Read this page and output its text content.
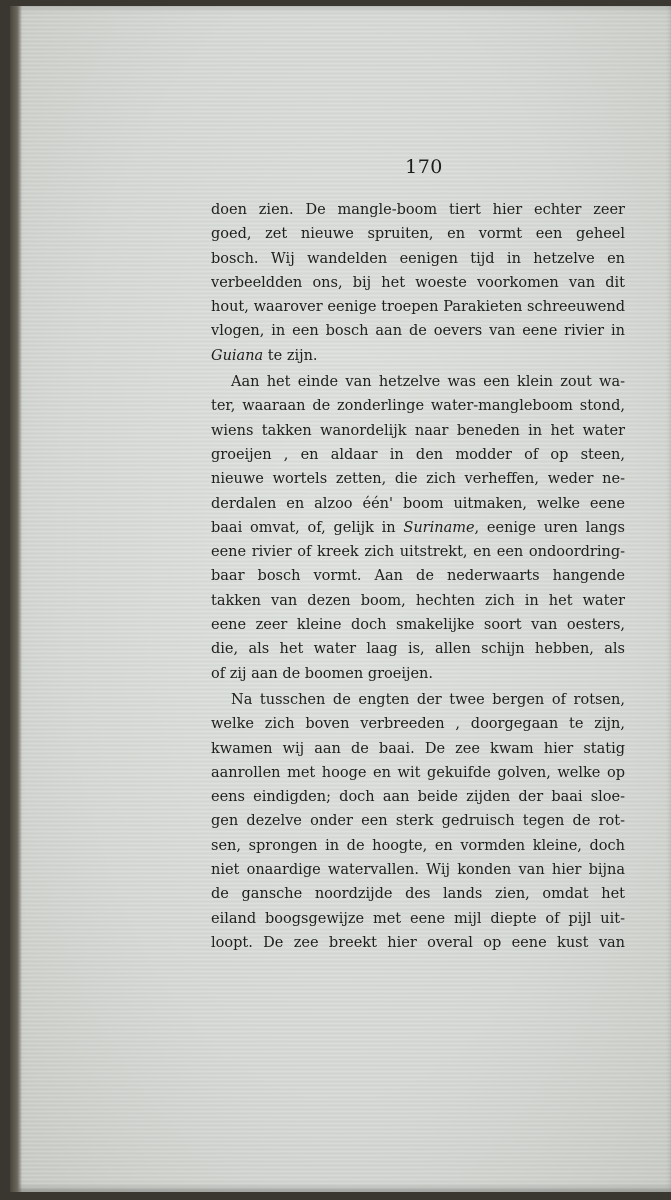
170
doen zien. De mangle-boom tiert hier echter zeer
goed, zet nieuwe spruiten, en vormt een geheel
bosch. Wij wandelden eenigen tijd in hetzelve en
verbeeldden ons, bij het woeste voorkomen van dit
hout, waarover eenige troepen Parakieten schreeuwend
vlogen, in een bosch aan de oevers van eene rivier in
Guiana te zijn.
Aan het einde van hetzelve was een klein zout wa-
ter, waaraan de zonderlinge water-mangleboom stond,
wiens takken wanordelijk naar beneden in het water
groeijen , en aldaar in den modder of op steen,
nieuwe wortels zetten, die zich verheffen, weder ne-
derdalen en alzoo één' boom uitmaken, welke eene
baai omvat, of, gelijk in Suriname, eenige uren langs
eene rivier of kreek zich uitstrekt, en een ondoordring-
baar bosch vormt. Aan de nederwaarts hangende
takken van dezen boom, hechten zich in het water
eene zeer kleine doch smakelijke soort van oesters,
die, als het water laag is, allen schijn hebben, als
of zij aan de boomen groeijen.
Na tusschen de engten der twee bergen of rotsen,
welke zich boven verbreeden , doorgegaan te zijn,
kwamen wij aan de baai. De zee kwam hier statig
aanrollen met hooge en wit gekuifde golven, welke op
eens eindigden; doch aan beide zijden der baai sloe-
gen dezelve onder een sterk gedruisch tegen de rot-
sen, sprongen in de hoogte, en vormden kleine, doch
niet onaardige watervallen. Wij konden van hier bijna
de gansche noordzijde des lands zien, omdat het
eiland boogsgewijze met eene mijl diepte of pijl uit-
loopt. De zee breekt hier overal op eene kust van
